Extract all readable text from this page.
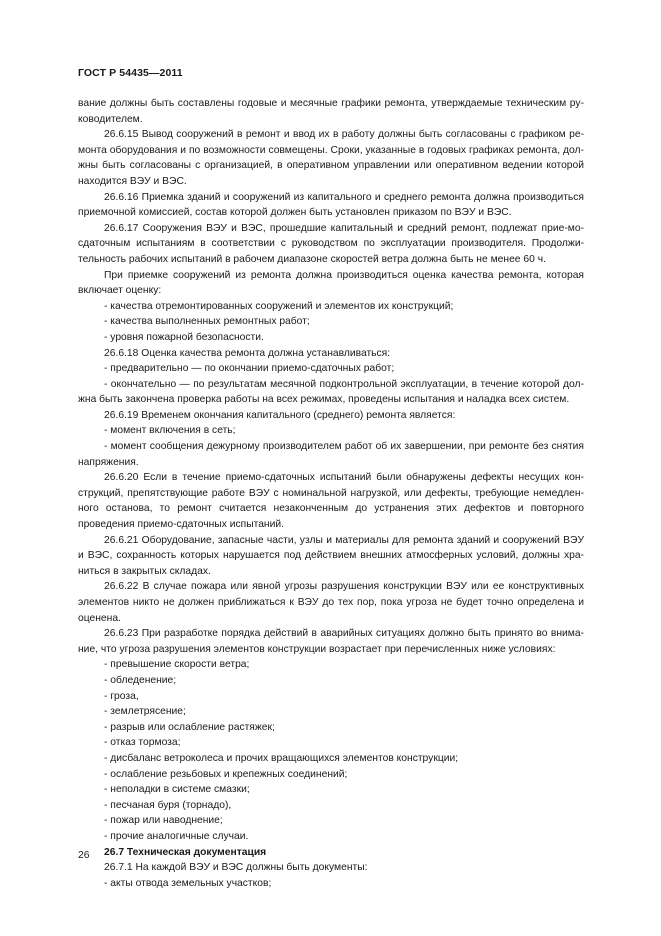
ГОСТ Р 54435—2011

вание должны быть составлены годовые и месячные графики ремонта, утверждаемые техническим ру-ководителем.

26.6.15 Вывод сооружений в ремонт и ввод их в работу должны быть согласованы с графиком ре-монта оборудования и по возможности совмещены. Сроки, указанные в годовых графиках ремонта, дол-жны быть согласованы с организацией, в оперативном управлении или оперативном ведении которой находится ВЭУ и ВЭС.

26.6.16 Приемка зданий и сооружений из капитального и среднего ремонта должна производиться приемочной комиссией, состав которой должен быть установлен приказом по ВЭУ и ВЭС.

26.6.17 Сооружения ВЭУ и ВЭС, прошедшие капитальный и средний ремонт, подлежат прие-мо-сдаточным испытаниям в соответствии с руководством по эксплуатации производителя. Продолжи-тельность рабочих испытаний в рабочем диапазоне скоростей ветра должна быть не менее 60 ч.

При приемке сооружений из ремонта должна производиться оценка качества ремонта, которая включает оценку:

- качества отремонтированных сооружений и элементов их конструкций;

- качества выполненных ремонтных работ;

- уровня пожарной безопасности.

26.6.18 Оценка качества ремонта должна устанавливаться:

- предварительно — по окончании приемо-сдаточных работ;

- окончательно — по результатам месячной подконтрольной эксплуатации, в течение которой дол-жна быть закончена проверка работы на всех режимах, проведены испытания и наладка всех систем.

26.6.19 Временем окончания капитального (среднего) ремонта является:

- момент включения в сеть;

- момент сообщения дежурному производителем работ об их завершении, при ремонте без снятия напряжения.

26.6.20 Если в течение приемо-сдаточных испытаний были обнаружены дефекты несущих кон-струкций, препятствующие работе ВЭУ с номинальной нагрузкой, или дефекты, требующие немедлен-ного останова, то ремонт считается незаконченным до устранения этих дефектов и повторного проведения приемо-сдаточных испытаний.

26.6.21 Оборудование, запасные части, узлы и материалы для ремонта зданий и сооружений ВЭУ и ВЭС, сохранность которых нарушается под действием внешних атмосферных условий, должны хра-ниться в закрытых складах.

26.6.22 В случае пожара или явной угрозы разрушения конструкции ВЭУ или ее конструктивных элементов никто не должен приближаться к ВЭУ до тех пор, пока угроза не будет точно определена и оценена.

26.6.23 При разработке порядка действий в аварийных ситуациях должно быть принято во внима-ние, что угроза разрушения элементов конструкции возрастает при перечисленных ниже условиях:

- превышение скорости ветра;

- обледенение;

- гроза,

- землетрясение;

- разрыв или ослабление растяжек;

- отказ тормоза;

- дисбаланс ветроколеса и прочих вращающихся элементов конструкции;

- ослабление резьбовых и крепежных соединений;

- неполадки в системе смазки;

- песчаная буря (торнадо),

- пожар или наводнение;

- прочие аналогичные случаи.

26.7 Техническая документация

26.7.1 На каждой ВЭУ и ВЭС должны быть документы:

- акты отвода земельных участков;

26
